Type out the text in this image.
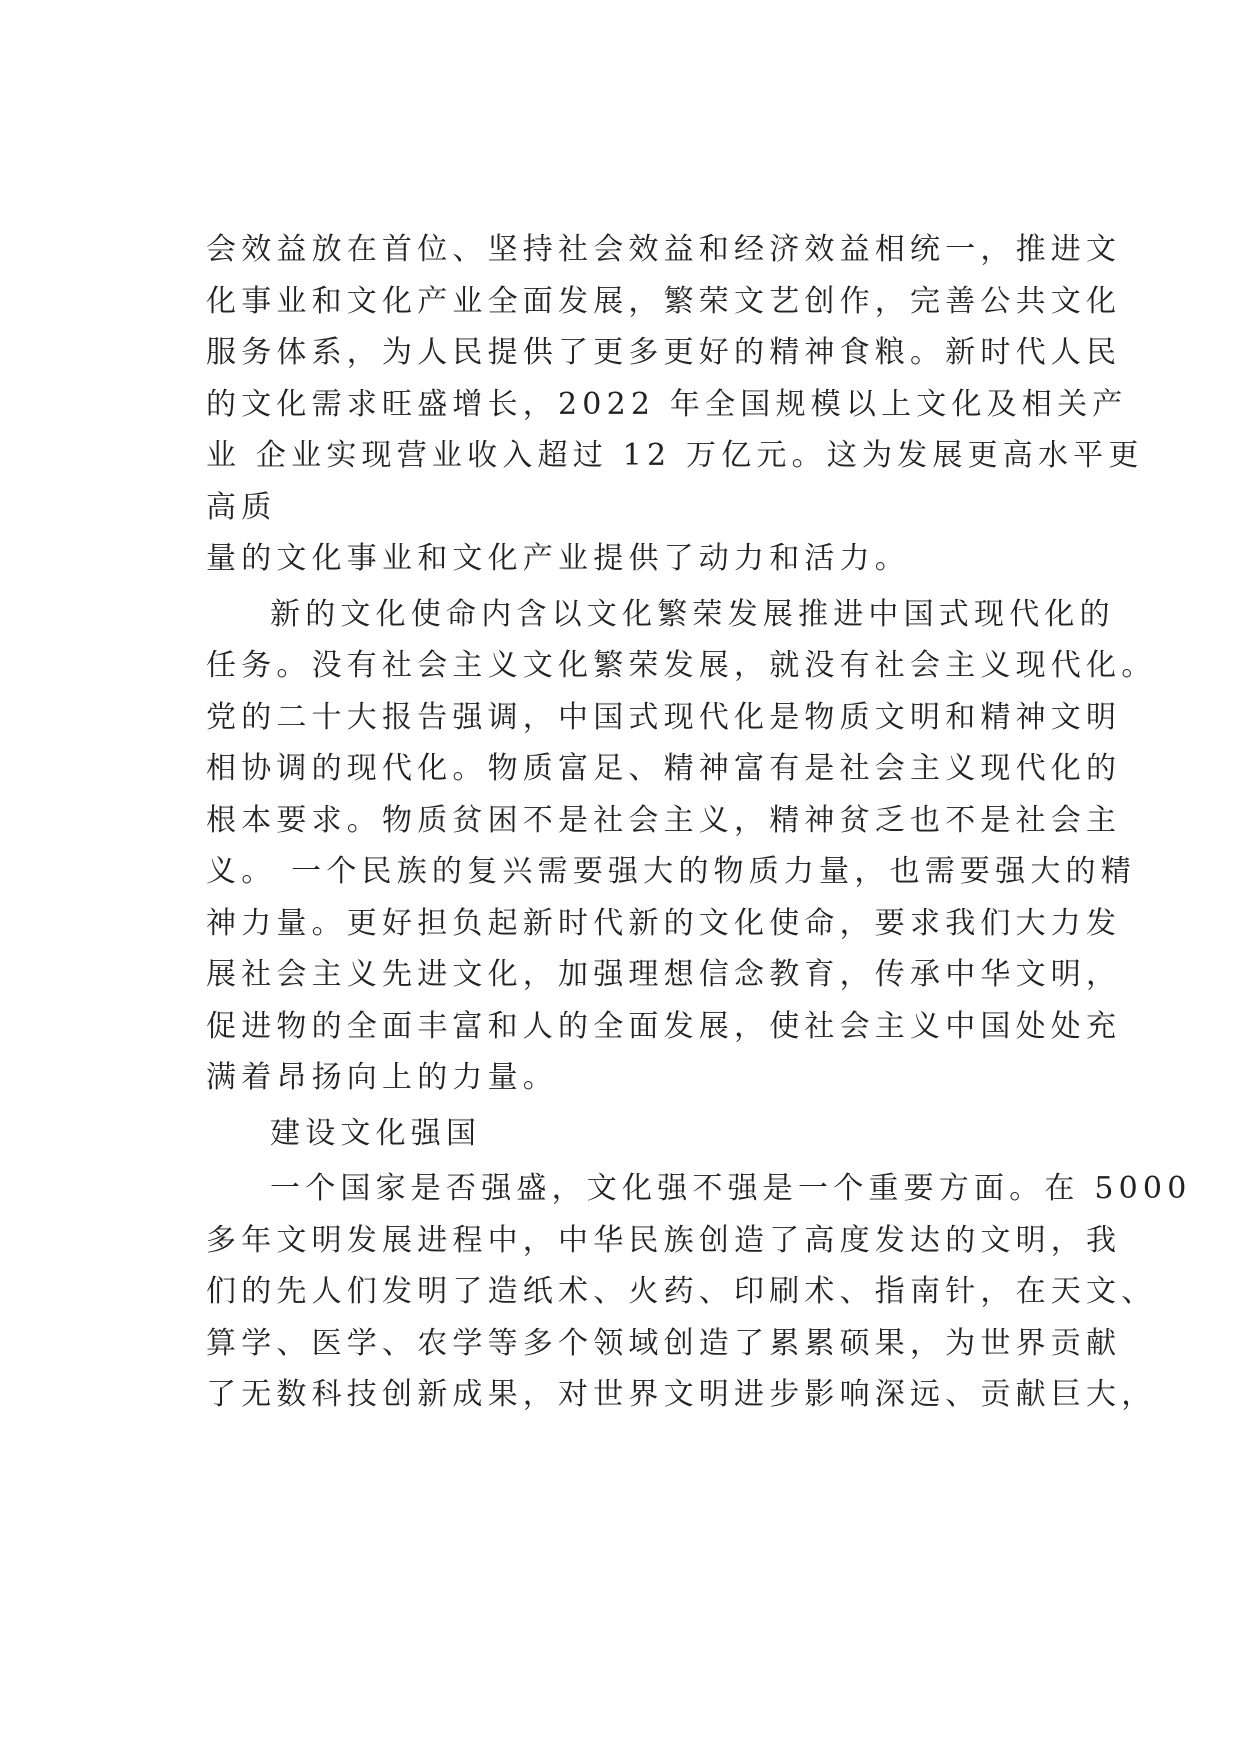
会效益放在首位、坚持社会效益和经济效益相统一，推进文
化事业和文化产业全面发展，繁荣文艺创作，完善公共文化
服务体系，为人民提供了更多更好的精神食粮。新时代人民
的文化需求旺盛增长，2022 年全国规模以上文化及相关产
业 企业实现营业收入超过 12 万亿元。这为发展更高水平更
高质
量的文化事业和文化产业提供了动力和活力。
新的文化使命内含以文化繁荣发展推进中国式现代化的
任务。没有社会主义文化繁荣发展，就没有社会主义现代化。
党的二十大报告强调，中国式现代化是物质文明和精神文明
相协调的现代化。物质富足、精神富有是社会主义现代化的
根本要求。物质贫困不是社会主义，精神贫乏也不是社会主
义。 一个民族的复兴需要强大的物质力量，也需要强大的精
神力量。更好担负起新时代新的文化使命，要求我们大力发
展社会主义先进文化，加强理想信念教育，传承中华文明，
促进物的全面丰富和人的全面发展，使社会主义中国处处充
满着昂扬向上的力量。
建设文化强国
一个国家是否强盛，文化强不强是一个重要方面。在 5000
多年文明发展进程中，中华民族创造了高度发达的文明，我
们的先人们发明了造纸术、火药、印刷术、指南针，在天文、
算学、医学、农学等多个领域创造了累累硕果，为世界贡献
了无数科技创新成果，对世界文明进步影响深远、贡献巨大，
